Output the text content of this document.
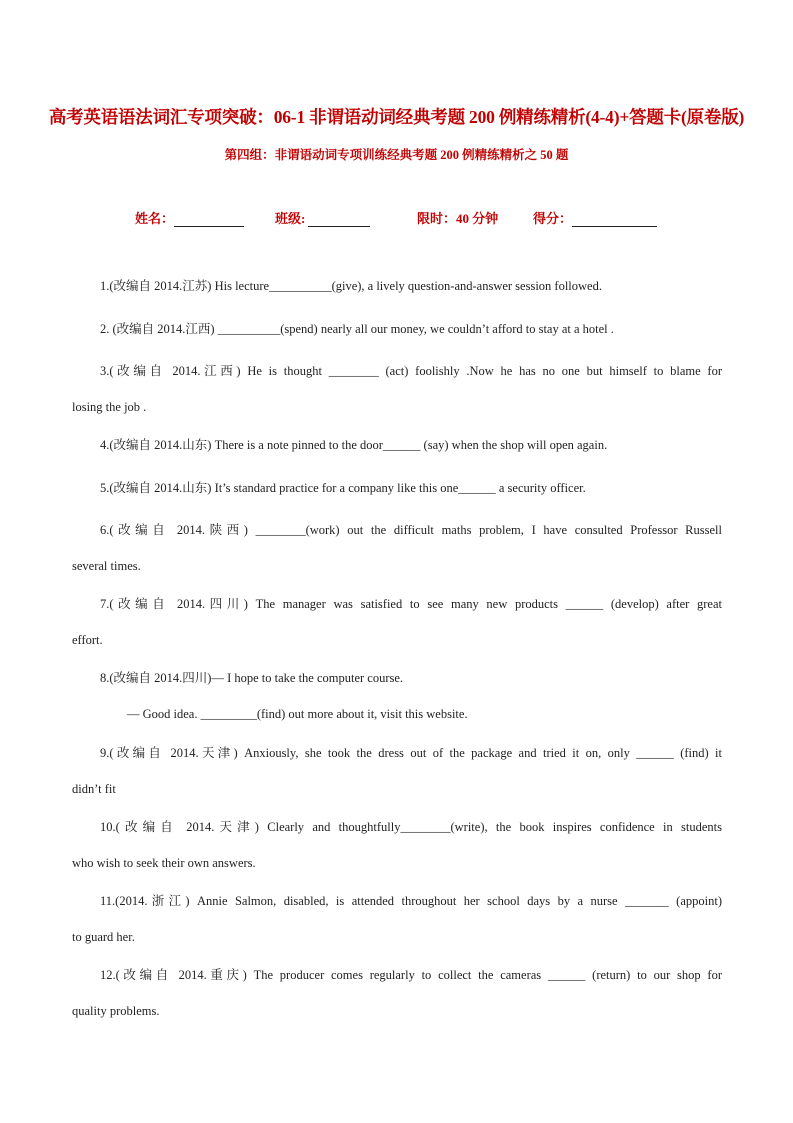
高考英语语法词汇专项突破：06-1 非谓语动词经典考题 200 例精练精析(4-4)+答题卡(原卷版)
第四组：非谓语动词专项训练经典考题 200 例精练精析之 50 题
姓名：	班级:	限时：40 分钟	得分：
1.(改编自 2014.江苏) His lecture__________(give), a lively question-and-answer session followed.
2. (改编自 2014.江西) __________(spend) nearly all our money, we couldn’t afford to stay at a hotel .
3.(改编自 2014.江西) He is thought ________ (act) foolishly .Now he has no one but himself to blame for
losing the job .
4.(改编自 2014.山东) There is a note pinned to the door______ (say) when the shop will open again.
5.(改编自 2014.山东) It’s standard practice for a company like this one______ a security officer.
6.(改编自 2014.陕西) ________(work) out the difficult maths problem, I have consulted Professor Russell
several times.
7.(改编自 2014.四川) The manager was satisfied to see many new products ______ (develop) after great
effort.
8.(改编自 2014.四川)— I hope to take the computer course.
— Good idea. _________(find) out more about it, visit this website.
9.(改编自 2014.天津) Anxiously, she took the dress out of the package and tried it on, only ______ (find) it
didn’t fit
10.(改编自 2014.天津) Clearly and thoughtfully________(write), the book inspires confidence in students
who wish to seek their own answers.
11.(2014.浙江) Annie Salmon, disabled, is attended throughout her school days by a nurse _______ (appoint)
to guard her.
12.(改编自 2014.重庆) The producer comes regularly to collect the cameras ______ (return) to our shop for
quality problems.
